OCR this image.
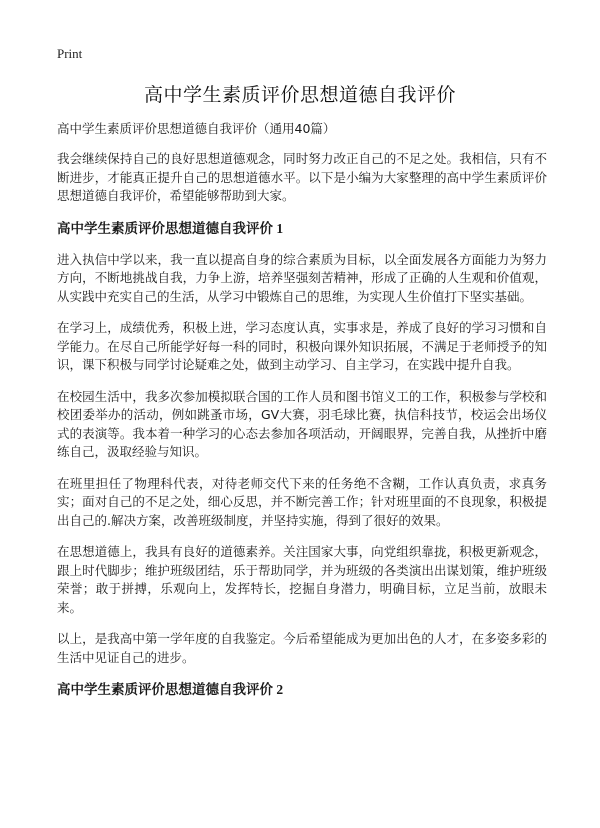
Print
高中学生素质评价思想道德自我评价

高中学生素质评价思想道德自我评价（通用40篇）

我会继续保持自己的良好思想道德观念，同时努力改正自己的不足之处。我相信，只有不断进步，才能真正提升自己的思想道德水平。以下是小编为大家整理的高中学生素质评价思想道德自我评价，希望能够帮助到大家。

高中学生素质评价思想道德自我评价 1

进入执信中学以来，我一直以提高自身的综合素质为目标，以全面发展各方面能力为努力方向，不断地挑战自我，力争上游，培养坚强刻苦精神，形成了正确的人生观和价值观，从实践中充实自己的生活，从学习中锻炼自己的思维，为实现人生价值打下坚实基础。

在学习上，成绩优秀，积极上进，学习态度认真，实事求是，养成了良好的学习习惯和自学能力。在尽自己所能学好每一科的同时，积极向课外知识拓展，不满足于老师授予的知识，课下积极与同学讨论疑难之处，做到主动学习、自主学习，在实践中提升自我。

在校园生活中，我多次参加模拟联合国的工作人员和图书馆义工的工作，积极参与学校和校团委举办的活动，例如跳蚤市场，GV大赛，羽毛球比赛，执信科技节，校运会出场仪式的表演等。我本着一种学习的心态去参加各项活动，开阔眼界，完善自我，从挫折中磨练自己，汲取经验与知识。

在班里担任了物理科代表，对待老师交代下来的任务绝不含糊，工作认真负责，求真务实；面对自己的不足之处，细心反思，并不断完善工作；针对班里面的不良现象，积极提出自己的.解决方案，改善班级制度，并坚持实施，得到了很好的效果。

在思想道德上，我具有良好的道德素养。关注国家大事，向党组织靠拢，积极更新观念，跟上时代脚步；维护班级团结，乐于帮助同学，并为班级的各类演出出谋划策，维护班级荣誉；敢于拼搏，乐观向上，发挥特长，挖掘自身潜力，明确目标，立足当前，放眼未来。

以上，是我高中第一学年度的自我鉴定。今后希望能成为更加出色的人才，在多姿多彩的生活中见证自己的进步。

高中学生素质评价思想道德自我评价 2
